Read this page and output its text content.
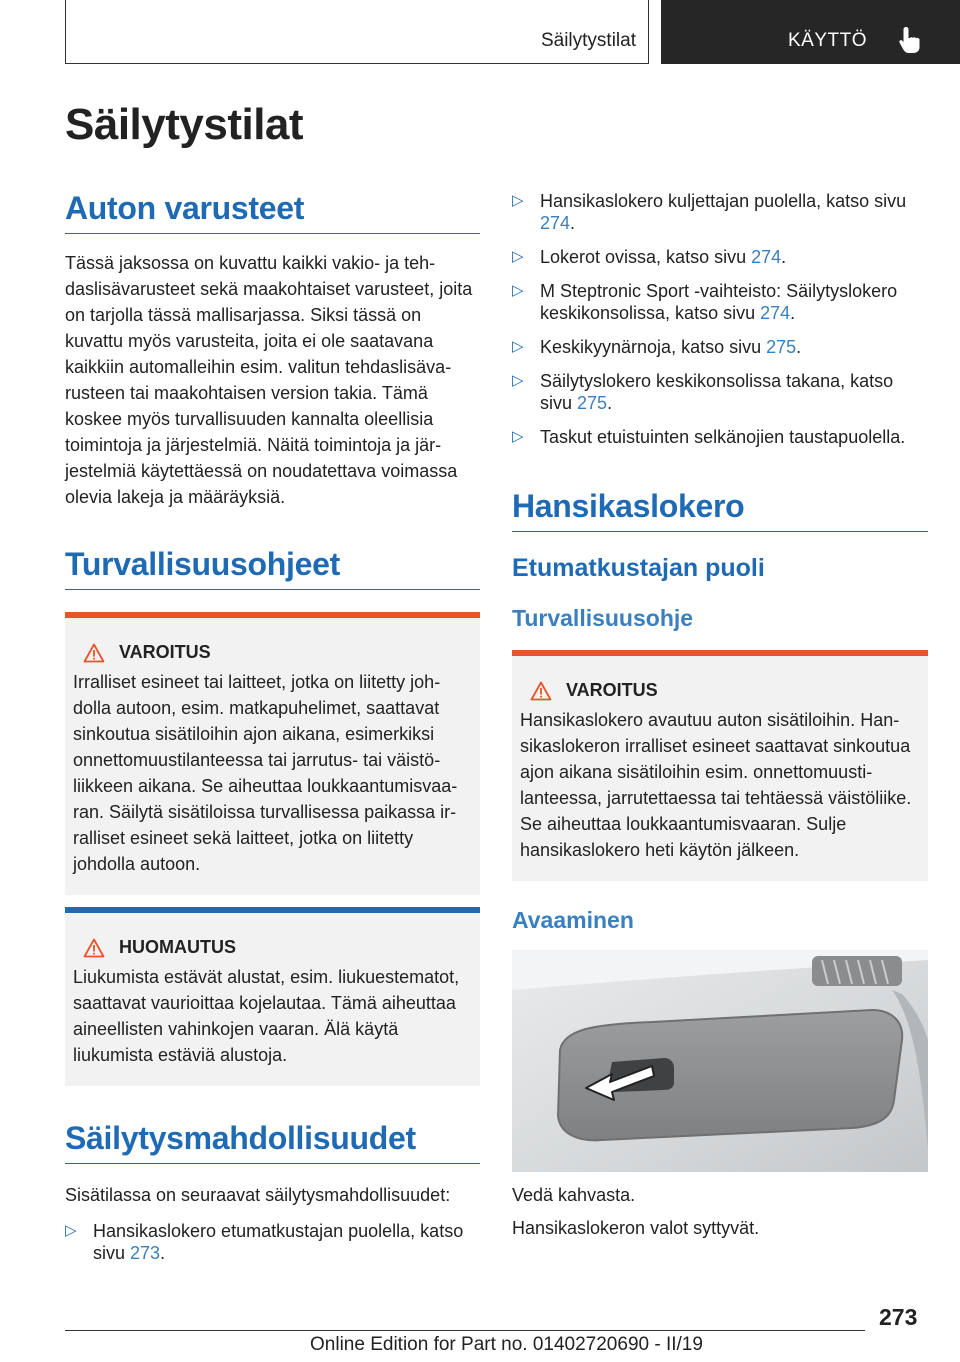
Säilytystilat	KÄYTTÖ
Säilytystilat
Auton varusteet

Tässä jaksossa on kuvattu kaikki vakio- ja tehdaslisävarusteet sekä maakohtaiset varusteet, joita on tarjolla tässä mallisarjassa. Siksi tässä on kuvattu myös varusteita, joita ei ole saatavana kaikkiin automalleihin esim. valitun tehdaslisävarusteen tai maakohtaisen version takia. Tämä koskee myös turvallisuuden kannalta oleellisia toimintoja ja järjestelmiä. Näitä toimintoja ja järjestelmiä käytettäessä on noudatettava voimassa olevia lakeja ja määräyksiä.

Turvallisuusohjeet
VAROITUS
Irralliset esineet tai laitteet, jotka on liitetty johdolla autoon, esim. matkapuhelimet, saattavat sinkoutua sisätiloihin ajon aikana, esimerkiksi onnettomuustilanteessa tai jarrutus- tai väistöliikkeen aikana. Se aiheuttaa loukkaantumisvaaran. Säilytä sisätiloissa turvallisessa paikassa irralliset esineet sekä laitteet, jotka on liitetty johdolla autoon.
HUOMAUTUS
Liukumista estävät alustat, esim. liukuestematot, saattavat vaurioittaa kojelautaa. Tämä aiheuttaa aineellisten vahinkojen vaaran. Älä käytä liukumista estäviä alustoja.
Säilytysmahdollisuudet

Sisätilassa on seuraavat säilytysmahdollisuudet:

▷ Hansikaslokero etumatkustajan puolella, katso sivu 273.
▷ Hansikaslokero kuljettajan puolella, katso sivu 274.
▷ Lokerot ovissa, katso sivu 274.
▷ M Steptronic Sport -vaihteisto: Säilytyslokero keskikonsolissa, katso sivu 274.
▷ Keskikyynärnoja, katso sivu 275.
▷ Säilytyslokero keskikonsolissa takana, katso sivu 275.
▷ Taskut etuistuinten selkänojien taustapuolella.
Hansikaslokero
Etumatkustajan puoli
Turvallisuusohje
VAROITUS
Hansikaslokero avautuu auton sisätiloihin. Hansikaslokeron irralliset esineet saattavat sinkoutua ajon aikana sisätiloihin esim. onnettomuustilanteessa, jarrutettaessa tai tehtäessä väistöliike. Se aiheuttaa loukkaantumisvaaran. Sulje hansikaslokero heti käytön jälkeen.
Avaaminen

Vedä kahvasta.

Hansikaslokeron valot syttyvät.

273
Online Edition for Part no. 01402720690 - II/19
